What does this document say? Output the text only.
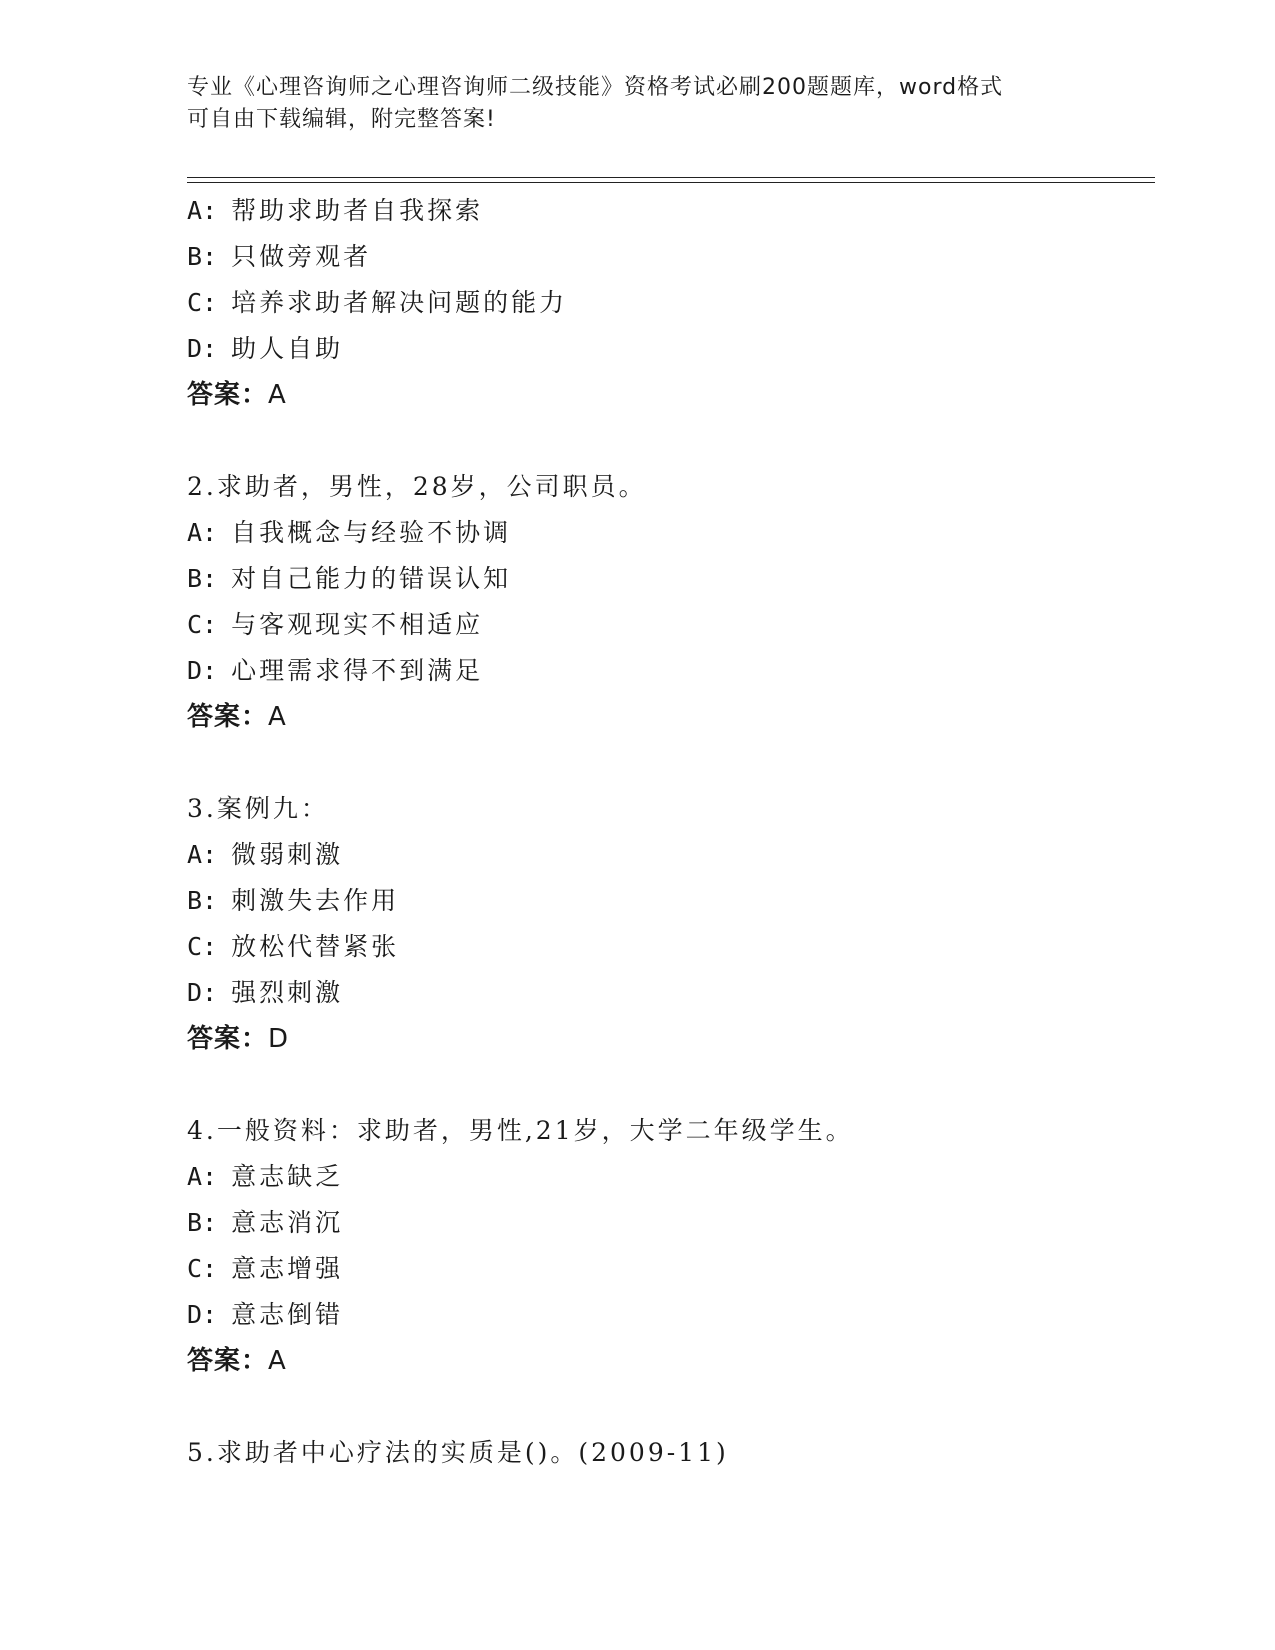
专业《心理咨询师之心理咨询师二级技能》资格考试必刷200题题库，word格式
可自由下载编辑，附完整答案!
A: 帮助求助者自我探索
B: 只做旁观者
C: 培养求助者解决问题的能力
D: 助人自助
答案：A
2.求助者，男性，28岁，公司职员。
A: 自我概念与经验不协调
B: 对自己能力的错误认知
C: 与客观现实不相适应
D: 心理需求得不到满足
答案：A
3.案例九：
A: 微弱刺激
B: 刺激失去作用
C: 放松代替紧张
D: 强烈刺激
答案：D
4.一般资料：求助者，男性,21岁，大学二年级学生。
A: 意志缺乏
B: 意志消沉
C: 意志增强
D: 意志倒错
答案：A
5.求助者中心疗法的实质是()。(2009-11)
